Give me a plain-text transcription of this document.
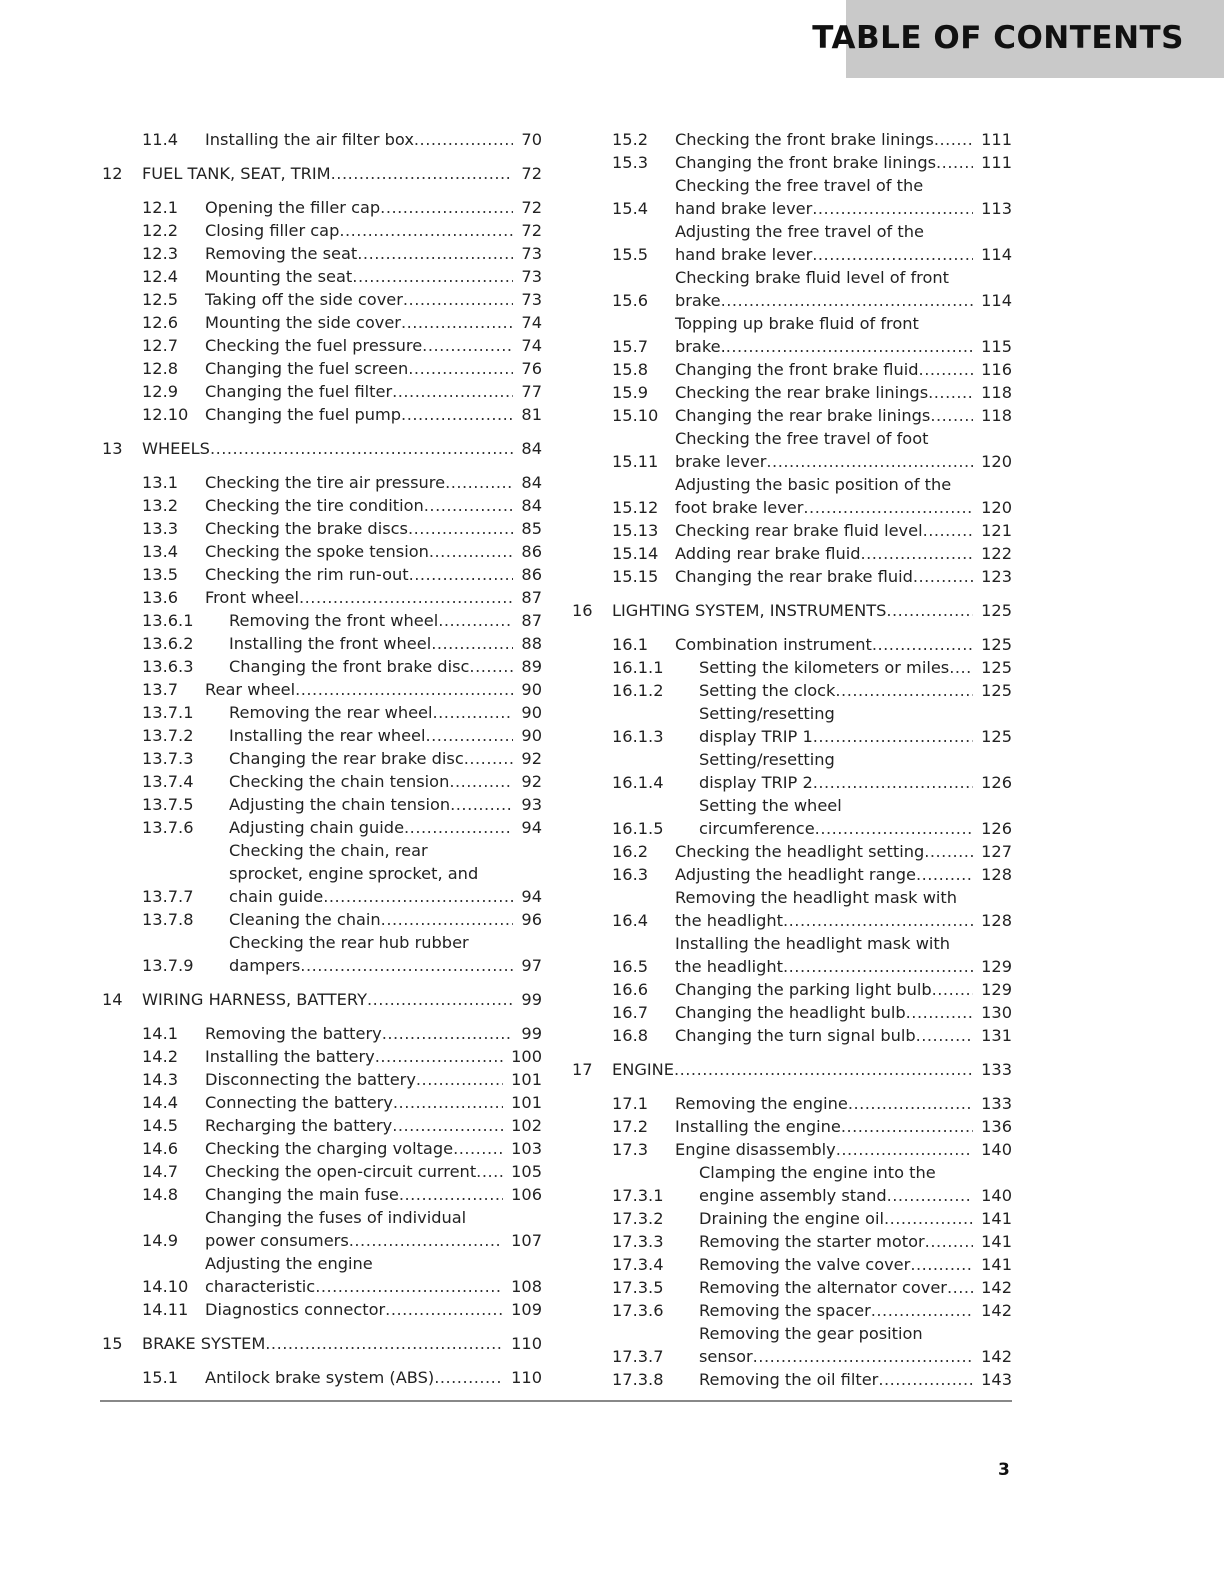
TABLE OF CONTENTS
11.4	Installing the air filter box .....	70
12	FUEL TANK, SEAT, TRIM .....	72
12.1	Opening the filler cap .....	72
12.2	Closing filler cap .....	72
12.3	Removing the seat .....	73
12.4	Mounting the seat .....	73
12.5	Taking off the side cover .....	73
12.6	Mounting the side cover .....	74
12.7	Checking the fuel pressure .....	74
12.8	Changing the fuel screen .....	76
12.9	Changing the fuel filter .....	77
12.10	Changing the fuel pump .....	81
13	WHEELS .....	84
13.1	Checking the tire air pressure .....	84
13.2	Checking the tire condition .....	84
13.3	Checking the brake discs .....	85
13.4	Checking the spoke tension .....	86
13.5	Checking the rim run-out .....	86
13.6	Front wheel .....	87
13.6.1	Removing the front wheel .....	87
13.6.2	Installing the front wheel .....	88
13.6.3	Changing the front brake disc .....	89
13.7	Rear wheel .....	90
13.7.1	Removing the rear wheel .....	90
13.7.2	Installing the rear wheel .....	90
13.7.3	Changing the rear brake disc .....	92
13.7.4	Checking the chain tension .....	92
13.7.5	Adjusting the chain tension .....	93
13.7.6	Adjusting chain guide .....	94
13.7.7
Checking the chain, rear
sprocket, engine sprocket, and
chain guide .....	94
13.7.8	Cleaning the chain .....	96
13.7.9
Checking the rear hub rubber
dampers .....	97
14	WIRING HARNESS, BATTERY .....	99
14.1	Removing the battery .....	99
14.2	Installing the battery .....	100
14.3	Disconnecting the battery .....	101
14.4	Connecting the battery .....	101
14.5	Recharging the battery .....	102
14.6	Checking the charging voltage .....	103
14.7	Checking the open-circuit current .....	105
14.8	Changing the main fuse .....	106
14.9
Changing the fuses of individual
power consumers .....	107
14.10
Adjusting the engine
characteristic .....	108
14.11	Diagnostics connector .....	109
15	BRAKE SYSTEM .....	110
15.1	Antilock brake system (ABS) .....	110
15.2	Checking the front brake linings .....	111
15.3	Changing the front brake linings .....	111
15.4
Checking the free travel of the
hand brake lever .....	113
15.5
Adjusting the free travel of the
hand brake lever .....	114
15.6
Checking brake fluid level of front
brake .....	114
15.7
Topping up brake fluid of front
brake. .....	115
15.8	Changing the front brake fluid .....	116
15.9	Checking the rear brake linings .....	118
15.10	Changing the rear brake linings .....	118
15.11
Checking the free travel of foot
brake lever .....	120
15.12
Adjusting the basic position of the
foot brake lever .....	120
15.13	Checking rear brake fluid level .....	121
15.14	Adding rear brake fluid .....	122
15.15	Changing the rear brake fluid .....	123
16	LIGHTING SYSTEM, INSTRUMENTS .....	125
16.1	Combination instrument .....	125
16.1.1	Setting the kilometers or miles .....	125
16.1.2	Setting the clock .....	125
16.1.3
Setting/resetting
display TRIP 1 .....	125
16.1.4
Setting/resetting
display TRIP 2 .....	126
16.1.5
Setting the wheel
circumference .....	126
16.2	Checking the headlight setting .....	127
16.3	Adjusting the headlight range .....	128
16.4
Removing the headlight mask with
the headlight .....	128
16.5
Installing the headlight mask with
the headlight .....	129
16.6	Changing the parking light bulb .....	129
16.7	Changing the headlight bulb .....	130
16.8	Changing the turn signal bulb .....	131
17	ENGINE .....	133
17.1	Removing the engine .....	133
17.2	Installing the engine .....	136
17.3	Engine disassembly .....	140
17.3.1
Clamping the engine into the
engine assembly stand .....	140
17.3.2	Draining the engine oil .....	141
17.3.3	Removing the starter motor .....	141
17.3.4	Removing the valve cover .....	141
17.3.5	Removing the alternator cover .....	142
17.3.6	Removing the spacer .....	142
17.3.7
Removing the gear position
sensor .....	142
17.3.8	Removing the oil filter .....	143
3
